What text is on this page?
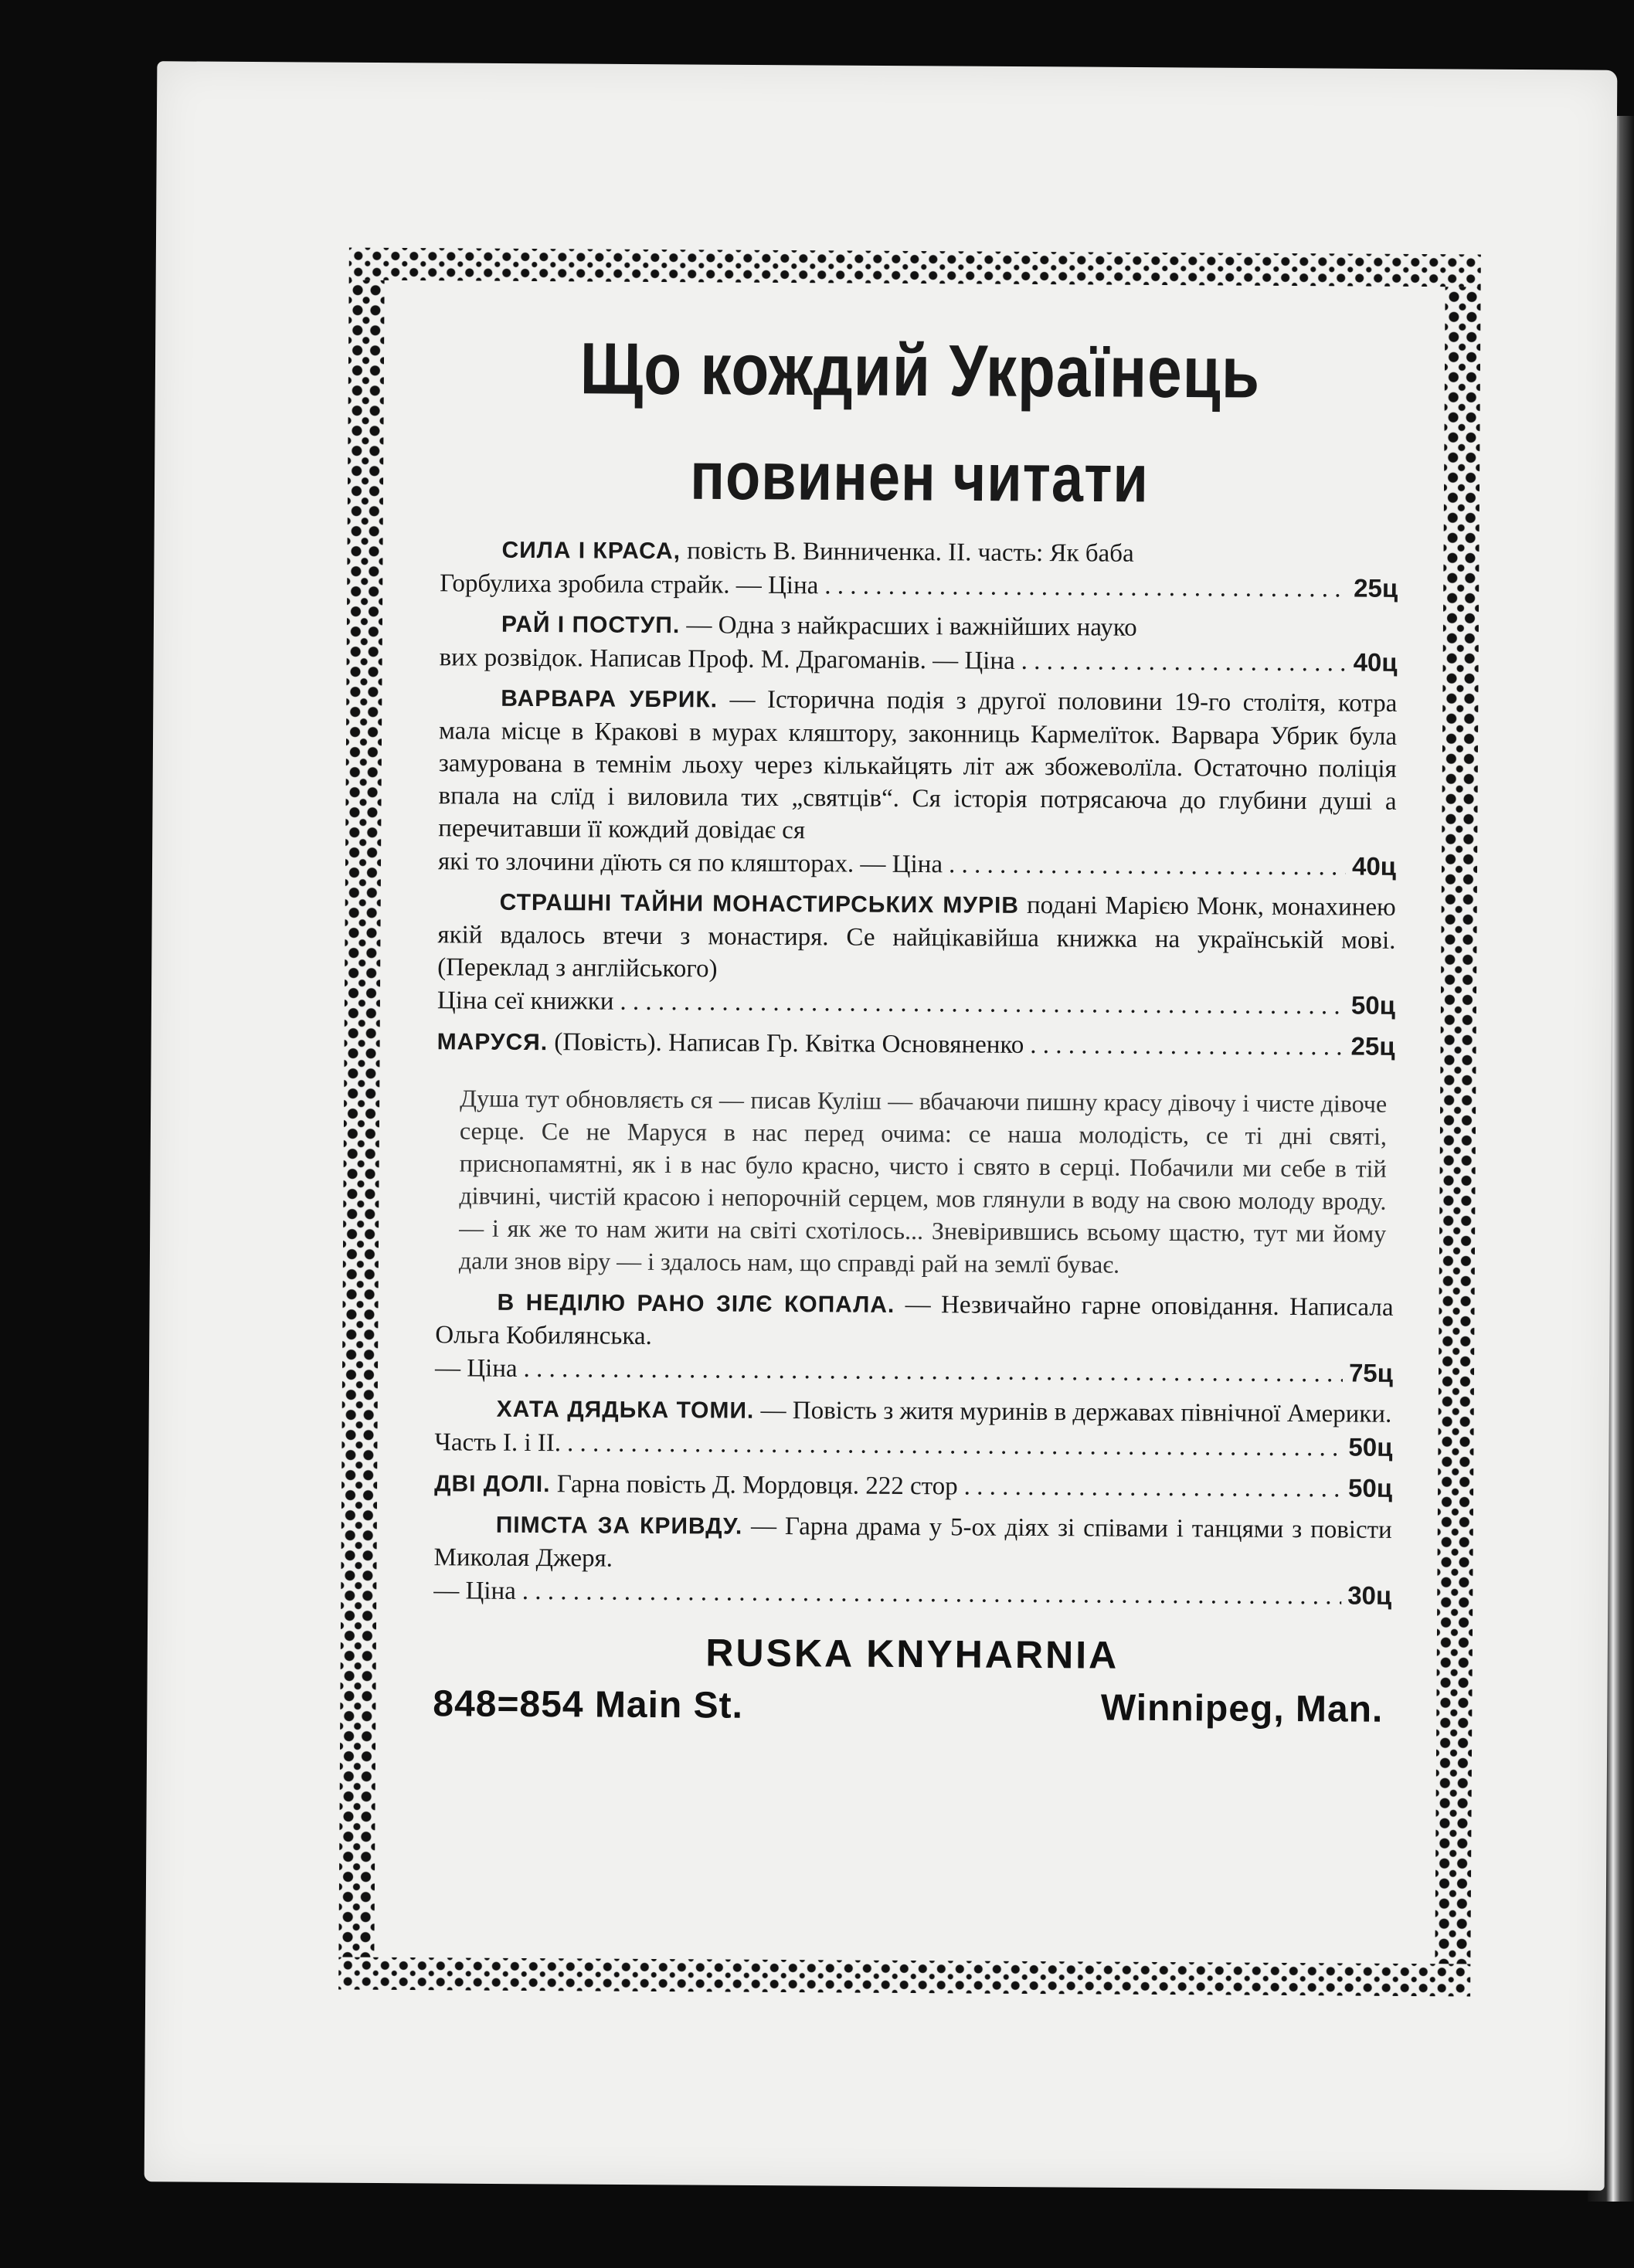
Що кождий Українець
повинен читати
СИЛА І КРАСА, повість В. Винниченка. II. часть: Як баба
Горбулиха зробила страйк. — Ціна . . .	25ц
РАЙ І ПОСТУП. — Одна з найкрасших і важнійших науко
вих розвідок. Написав Проф. М. Драгоманів. — Ціна . . .	40ц
ВАРВАРА УБРИК. — Історична подія з другої половини 19-го столітя, котра мала місце в Кракові в мурах кляштору, законниць Кармелїток. Варвара Убрик була замурована в темнім льоху через кількайцять літ аж збожеволїла. Остаточно поліція впала на слїд і виловила тих „святців“. Ся історія потрясаюча до глубини душі а перечитавши її кождий довідає ся
які то злочини дїють ся по кляшторах. — Ціна . . .	40ц
СТРАШНІ ТАЙНИ МОНАСТИРСЬКИХ МУРІВ подані Марією Монк, монахинею якій вдалось втечи з монастиря. Се найцікавійша книжка на українській мові. (Переклад з англійського)
Ціна сеї книжки . . .	50ц
МАРУСЯ. (Повість). Написав Гр. Квітка Основяненко . . .	25ц

Душа тут обновляєть ся — писав Куліш — вбачаючи пишну красу дівочу і чисте дівоче серце. Се не Маруся в нас перед очима: се наша молодість, се ті дні святі, приснопамятні, як і в нас було красно, чисто і свято в серці. Побачили ми себе в тій дівчині, чистій красою і непорочній серцем, мов глянули в воду на свою молоду вроду. — і як же то нам жити на світі схотілось... Зневірившись всьому щастю, тут ми йому дали знов віру — і здалось нам, що справді рай на землї буває.

В НЕДІЛЮ РАНО ЗІЛЄ КОПАЛА. — Незвичайно гарне оповідання. Написала Ольга Кобилянська.
— Ціна . . .	75ц
ХАТА ДЯДЬКА ТОМИ. — Повість з житя муринів в державах північної Америки.
Часть І. і ІІ. . . .	50ц
ДВІ ДОЛІ. Гарна повість Д. Мордовця. 222 стор . . .	50ц
ПІМСТА ЗА КРИВДУ. — Гарна драма у 5-ох діях зі співами і танцями з повісти Миколая Джеря.
— Ціна . . .	30ц
RUSKA KNYHARNIA
848=854 Main St.	Winnipeg, Man.
